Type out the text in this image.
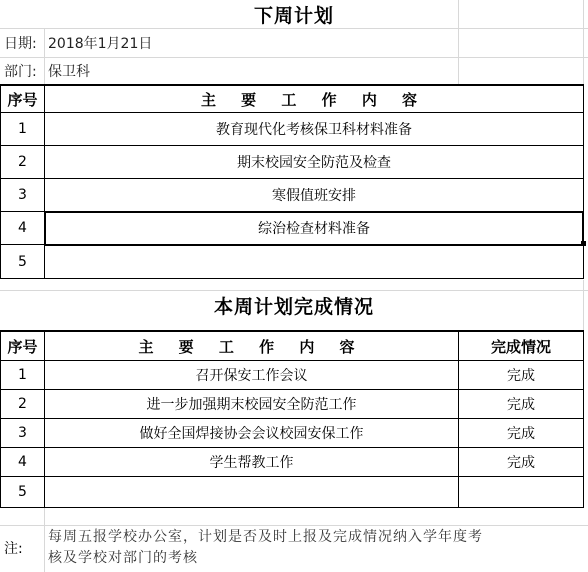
下周计划
日期: 2018年1月21日
部门: 保卫科
序号	主 要 工 作 内 容
1	教育现代化考核保卫科材料准备
2	期末校园安全防范及检查
3	寒假值班安排
4	综治检查材料准备
5
本周计划完成情况
序号	主 要 工 作 内 容	完成情况
1	召开保安工作会议	完成
2	进一步加强期末校园安全防范工作	完成
3	做好全国焊接协会会议校园安保工作	完成
4	学生帮教工作	完成
5
注:
每周五报学校办公室，计划是否及时上报及完成情况纳入学年度考
核及学校对部门的考核
